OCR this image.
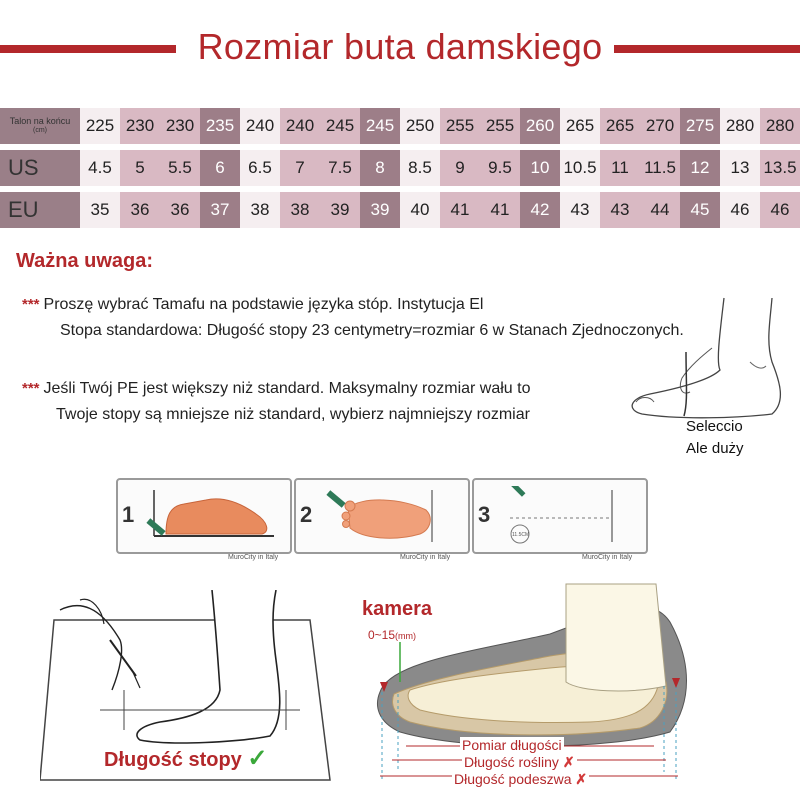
Rozmiar buta damskiego
Talon na końcu
(cm)	225 230 230 235 240 240 245 245 250 255 255 260 265 265 270 275 280 280
US	4.5	5	5.5	6	6.5	7	7.5	8	8.5	9	9.5	10 10.5 11 11.5 12	13 13.5
EU	35	36	36	37	38	38	39	39	40	41	41	42	43	43	44	45	46	46
Ważna uwaga:
*** Proszę wybrać Tamafu na podstawie języka stóp. Instytucja El
Stopa standardowa: Długość stopy 23 centymetry=rozmiar 6 w Stanach Zjednoczonych.
*** Jeśli Twój PE jest większy niż standard. Maksymalny rozmiar wału to
Twoje stopy są mniejsze niż standard, wybierz najmniejszy rozmiar
Seleccio
Ale duży
1
MuroCity in Italy
2
MuroCity in Italy
3
11.5CM
MuroCity in Italy
Długość stopy ✓
kamera
0~15(mm)
Pomiar długości
Długość rośliny ✗
Długość podeszwa ✗
